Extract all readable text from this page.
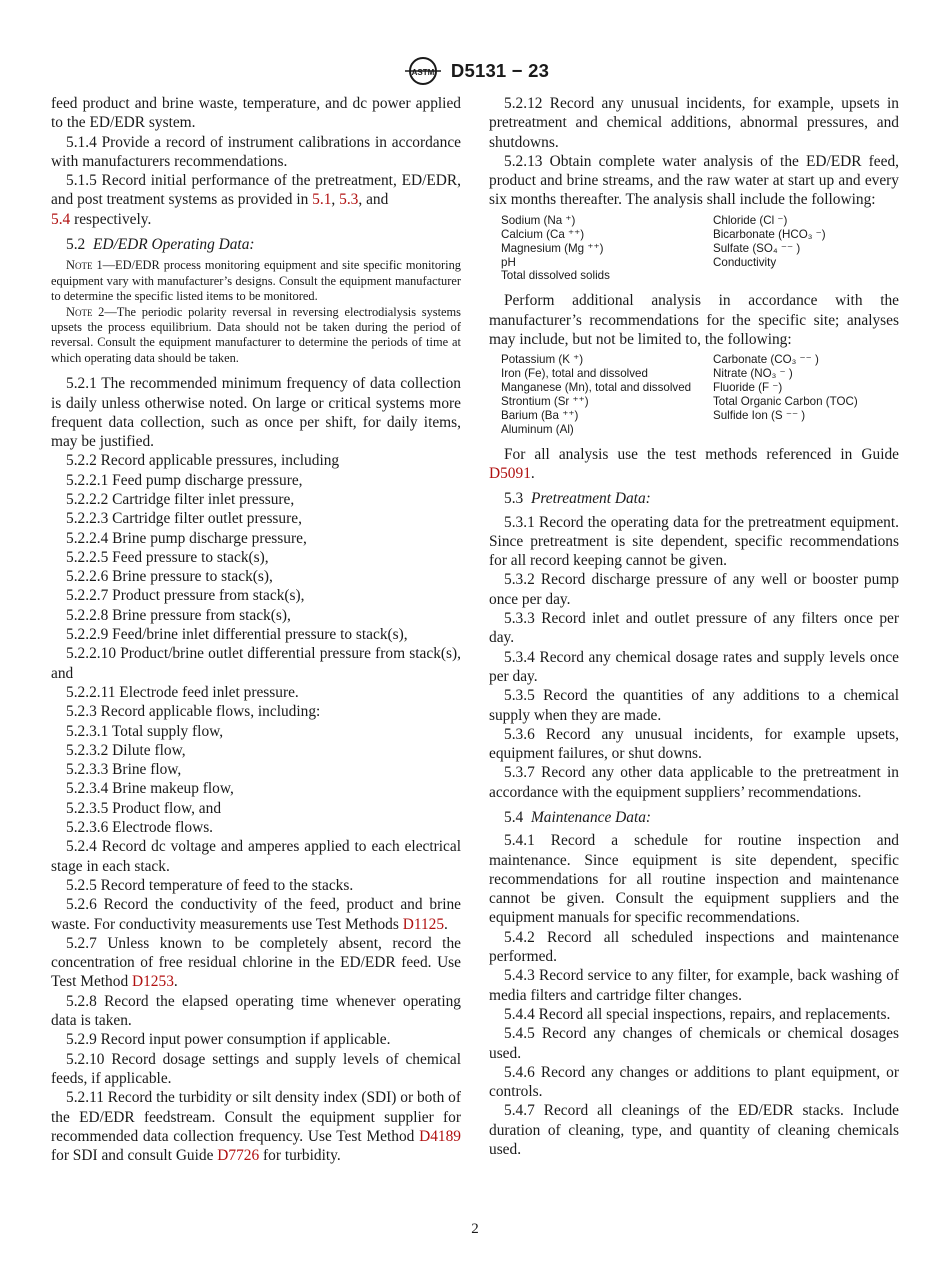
ASTM D5131 − 23

feed product and brine waste, temperature, and dc power applied to the ED/EDR system.

5.1.4 Provide a record of instrument calibrations in accordance with manufacturers recommendations.

5.1.5 Record initial performance of the pretreatment, ED/EDR, and post treatment systems as provided in 5.1, 5.3, and
5.4 respectively.

5.2 ED/EDR Operating Data:

Note 1—ED/EDR process monitoring equipment and site specific monitoring equipment vary with manufacturer’s designs. Consult the equipment manufacturer to determine the specific listed items to be monitored.

Note 2—The periodic polarity reversal in reversing electrodialysis systems upsets the process equilibrium. Data should not be taken during the period of reversal. Consult the equipment manufacturer to determine the periods of time at which operating data should be taken.

5.2.1 The recommended minimum frequency of data collection is daily unless otherwise noted. On large or critical systems more frequent data collection, such as once per shift, for daily items, may be justified.

5.2.2 Record applicable pressures, including

5.2.2.1 Feed pump discharge pressure,

5.2.2.2 Cartridge filter inlet pressure,

5.2.2.3 Cartridge filter outlet pressure,

5.2.2.4 Brine pump discharge pressure,

5.2.2.5 Feed pressure to stack(s),

5.2.2.6 Brine pressure to stack(s),

5.2.2.7 Product pressure from stack(s),

5.2.2.8 Brine pressure from stack(s),

5.2.2.9 Feed/brine inlet differential pressure to stack(s),

5.2.2.10 Product/brine outlet differential pressure from stack(s), and

5.2.2.11 Electrode feed inlet pressure.

5.2.3 Record applicable flows, including:

5.2.3.1 Total supply flow,

5.2.3.2 Dilute flow,

5.2.3.3 Brine flow,

5.2.3.4 Brine makeup flow,

5.2.3.5 Product flow, and

5.2.3.6 Electrode flows.

5.2.4 Record dc voltage and amperes applied to each electrical stage in each stack.

5.2.5 Record temperature of feed to the stacks.

5.2.6 Record the conductivity of the feed, product and brine waste. For conductivity measurements use Test Methods D1125.

5.2.7 Unless known to be completely absent, record the concentration of free residual chlorine in the ED/EDR feed. Use Test Method D1253.

5.2.8 Record the elapsed operating time whenever operating data is taken.

5.2.9 Record input power consumption if applicable.

5.2.10 Record dosage settings and supply levels of chemical feeds, if applicable.

5.2.11 Record the turbidity or silt density index (SDI) or both of the ED/EDR feedstream. Consult the equipment supplier for recommended data collection frequency. Use Test Method D4189 for SDI and consult Guide D7726 for turbidity.

5.2.12 Record any unusual incidents, for example, upsets in pretreatment and chemical additions, abnormal pressures, and shutdowns.

5.2.13 Obtain complete water analysis of the ED/EDR feed, product and brine streams, and the raw water at start up and every six months thereafter. The analysis shall include the following:

Sodium (Na ⁺)	Chloride (Cl ⁻)
Calcium (Ca ⁺⁺)	Bicarbonate (HCO₃ ⁻)
Magnesium (Mg ⁺⁺)	Sulfate (SO₄ ⁻⁻ )
pH	Conductivity
Total dissolved solids

Perform additional analysis in accordance with the manufacturer’s recommendations for the specific site; analyses may include, but not be limited to, the following:

Potassium (K ⁺)	Carbonate (CO₃ ⁻⁻ )
Iron (Fe), total and dissolved	Nitrate (NO₃ ⁻ )
Manganese (Mn), total and dissolved	Fluoride (F ⁻)
Strontium (Sr ⁺⁺)	Total Organic Carbon (TOC)
Barium (Ba ⁺⁺)	Sulfide Ion (S ⁻⁻ )
Aluminum (Al)

For all analysis use the test methods referenced in Guide D5091.

5.3 Pretreatment Data:

5.3.1 Record the operating data for the pretreatment equipment. Since pretreatment is site dependent, specific recommendations for all record keeping cannot be given.

5.3.2 Record discharge pressure of any well or booster pump once per day.

5.3.3 Record inlet and outlet pressure of any filters once per day.

5.3.4 Record any chemical dosage rates and supply levels once per day.

5.3.5 Record the quantities of any additions to a chemical supply when they are made.

5.3.6 Record any unusual incidents, for example upsets, equipment failures, or shut downs.

5.3.7 Record any other data applicable to the pretreatment in accordance with the equipment suppliers’ recommendations.

5.4 Maintenance Data:

5.4.1 Record a schedule for routine inspection and maintenance. Since equipment is site dependent, specific recommendations for all routine inspection and maintenance cannot be given. Consult the equipment suppliers and the equipment manuals for specific recommendations.

5.4.2 Record all scheduled inspections and maintenance performed.

5.4.3 Record service to any filter, for example, back washing of media filters and cartridge filter changes.

5.4.4 Record all special inspections, repairs, and replacements.

5.4.5 Record any changes of chemicals or chemical dosages used.

5.4.6 Record any changes or additions to plant equipment, or controls.

5.4.7 Record all cleanings of the ED/EDR stacks. Include duration of cleaning, type, and quantity of cleaning chemicals used.

2
